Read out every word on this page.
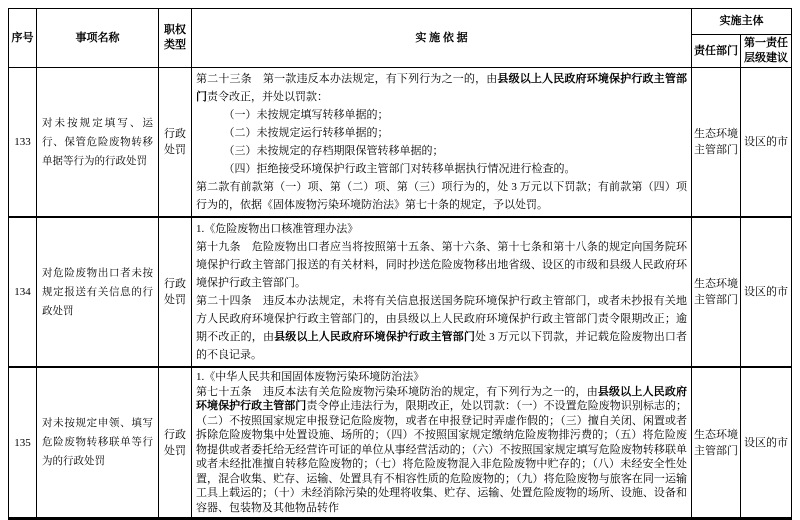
序号	事项名称	职权类型	实 施 依 据	实施主体	
				责任部门	第一责任层级建议
133	对未按规定填写、运行、保管危险废物转移单据等行为的行政处罚	行政处罚	
第二十三条　第一款违反本办法规定，有下列行为之一的，由县级以上人民政府环境保护行政主管部门责令改正，并处以罚款：
（一）未按规定填写转移单据的；
（二）未按规定运行转移单据的；
（三）未按规定的存档期限保管转移单据的；
（四）拒绝接受环境保护行政主管部门对转移单据执行情况进行检查的。
第二款有前款第（一）项、第（二）项、第（三）项行为的，处 3 万元以下罚款；有前款第（四）项行为的，依据《固体废物污染环境防治法》第七十条的规定，予以处罚。
	生态环境主管部门	设区的市
134	对危险废物出口者未按规定报送有关信息的行政处罚	行政处罚	1.《危险废物出口核准管理办法》
第十九条　危险废物出口者应当将按照第十五条、第十六条、第十七条和第十八条的规定向国务院环境保护行政主管部门报送的有关材料，同时抄送危险废物移出地省级、设区的市级和县级人民政府环境保护行政主管部门。
第二十四条　违反本办法规定，未将有关信息报送国务院环境保护行政主管部门，或者未抄报有关地方人民政府环境保护行政主管部门的，由县级以上人民政府环境保护行政主管部门责令限期改正；逾期不改正的，由县级以上人民政府环境保护行政主管部门处 3 万元以下罚款，并记载危险废物出口者的不良记录。	生态环境主管部门	设区的市
135	对未按规定申领、填写危险废物转移联单等行为的行政处罚	行政处罚	1.《中华人民共和国固体废物污染环境防治法》
第七十五条　违反本法有关危险废物污染环境防治的规定，有下列行为之一的，由县级以上人民政府环境保护行政主管部门责令停止违法行为，限期改正，处以罚款：（一）不设置危险废物识别标志的；（二）不按照国家规定申报登记危险废物，或者在申报登记时弄虚作假的；（三）擅自关闭、闲置或者拆除危险废物集中处置设施、场所的；（四）不按照国家规定缴纳危险废物排污费的；（五）将危险废物提供或者委托给无经营许可证的单位从事经营活动的；（六）不按照国家规定填写危险废物转移联单或者未经批准擅自转移危险废物的；（七）将危险废物混入非危险废物中贮存的；（八）未经安全性处置，混合收集、贮存、运输、处置具有不相容性质的危险废物的；（九）将危险废物与旅客在同一运输工具上载运的；（十）未经消除污染的处理将收集、贮存、运输、处置危险废物的场所、设施、设备和容器、包装物及其他物品转作	生态环境主管部门	设区的市
